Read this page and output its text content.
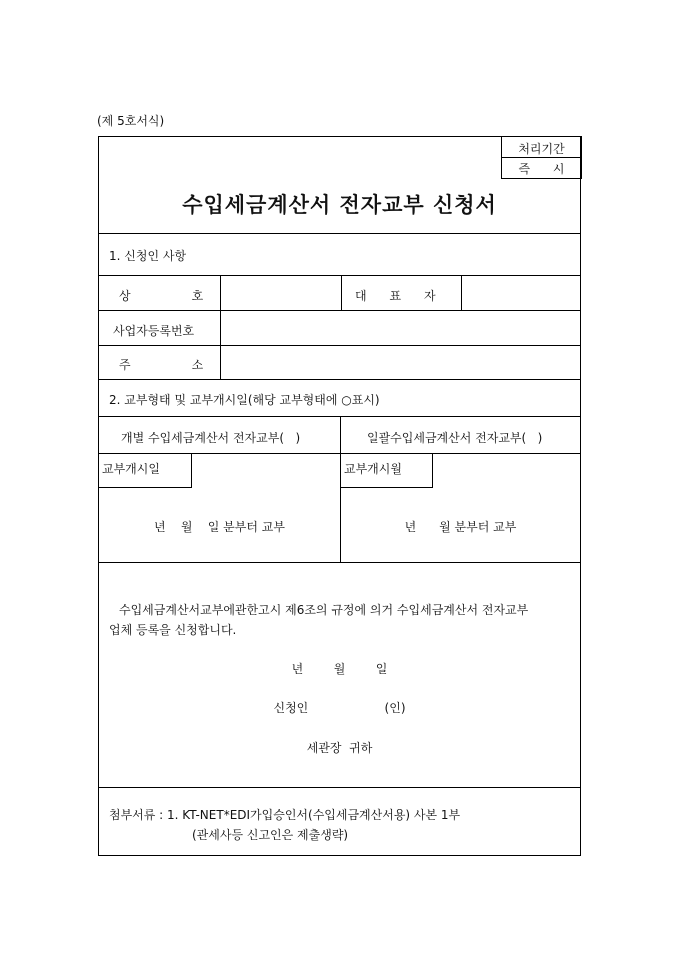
(제 5호서식)
처리기간
즉      시
수입세금계산서 전자교부 신청서
1. 신청인 사항
상                호	대      표      자
사업자등록번호
주                소
2. 교부형태 및 교부개시일(해당 교부형태에 ○표시)
개별 수입세금계산서 전자교부(   )	일괄수입세금계산서 전자교부(   )
교부개시일	교부개시월
년    월    일 분부터 교부	년      월 분부터 교부
수입세금계산서교부에관한고시 제6조의 규정에 의거 수입세금계산서 전자교부
업체 등록을 신청합니다.
년        월        일
신청인                    (인)
세관장  귀하
첨부서류 : 1. KT-NET*EDI가입승인서(수입세금계산서용) 사본 1부
(관세사등 신고인은 제출생략)
